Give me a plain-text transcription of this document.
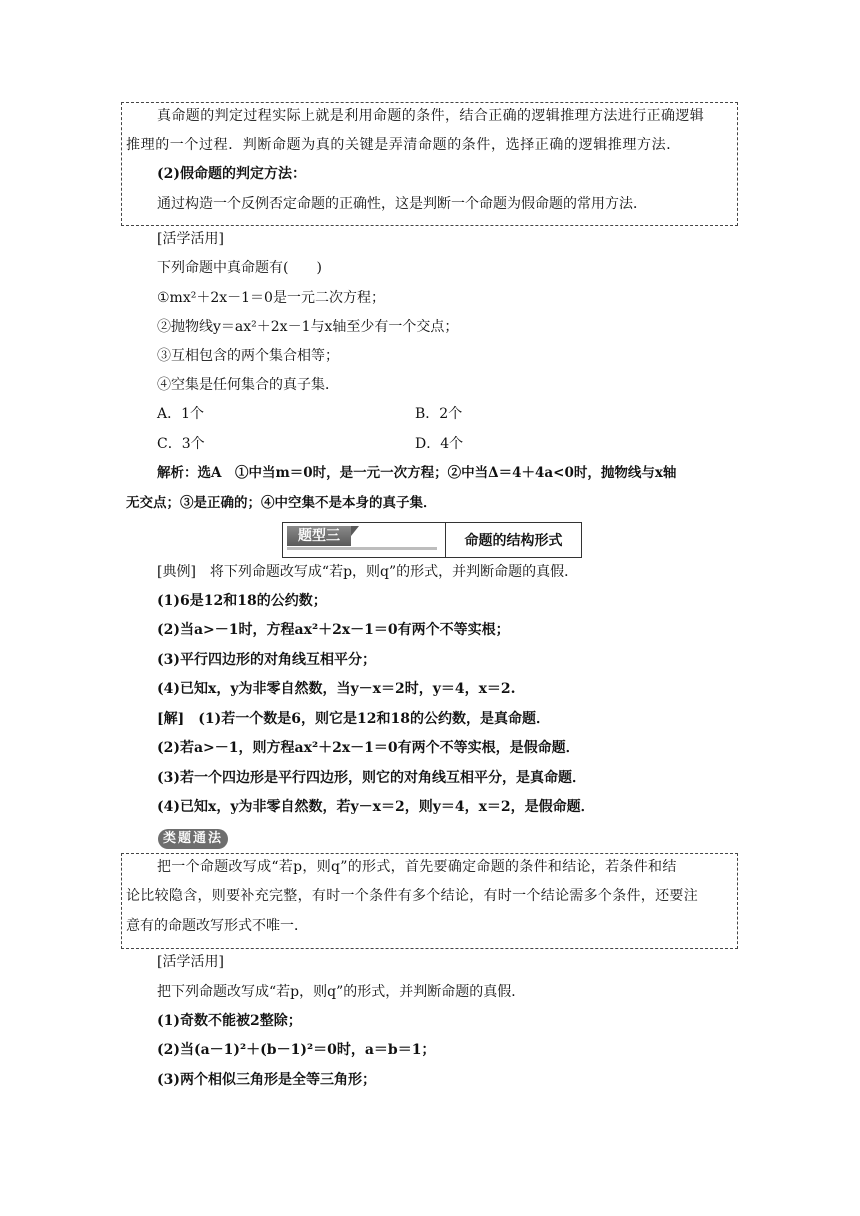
真命题的判定过程实际上就是利用命题的条件，结合正确的逻辑推理方法进行正确逻辑
推理的一个过程．判断命题为真的关键是弄清命题的条件，选择正确的逻辑推理方法．
(2)假命题的判定方法：
通过构造一个反例否定命题的正确性，这是判断一个命题为假命题的常用方法．
[活学活用]
下列命题中真命题有(　　)
①mx²＋2x－1＝0是一元二次方程；
②抛物线y＝ax²＋2x－1与x轴至少有一个交点；
③互相包含的两个集合相等；
④空集是任何集合的真子集．
A．1个	B．2个
C．3个	D．4个
解析：选A　①中当m＝0时，是一元一次方程；②中当Δ＝4＋4a<0时，抛物线与x轴
无交点；③是正确的；④中空集不是本身的真子集．
题型三	命题的结构形式
[典例]　将下列命题改写成“若p，则q”的形式，并判断命题的真假．
(1)6是12和18的公约数；
(2)当a>－1时，方程ax²＋2x－1＝0有两个不等实根；
(3)平行四边形的对角线互相平分；
(4)已知x，y为非零自然数，当y－x＝2时，y＝4，x＝2.
[解]　(1)若一个数是6，则它是12和18的公约数，是真命题．
(2)若a>－1，则方程ax²＋2x－1＝0有两个不等实根，是假命题．
(3)若一个四边形是平行四边形，则它的对角线互相平分，是真命题．
(4)已知x，y为非零自然数，若y－x＝2，则y＝4，x＝2，是假命题．
类题通法
把一个命题改写成“若p，则q”的形式，首先要确定命题的条件和结论，若条件和结
论比较隐含，则要补充完整，有时一个条件有多个结论，有时一个结论需多个条件，还要注
意有的命题改写形式不唯一．
[活学活用]
把下列命题改写成“若p，则q”的形式，并判断命题的真假．
(1)奇数不能被2整除；
(2)当(a－1)²＋(b－1)²＝0时，a＝b＝1；
(3)两个相似三角形是全等三角形；
